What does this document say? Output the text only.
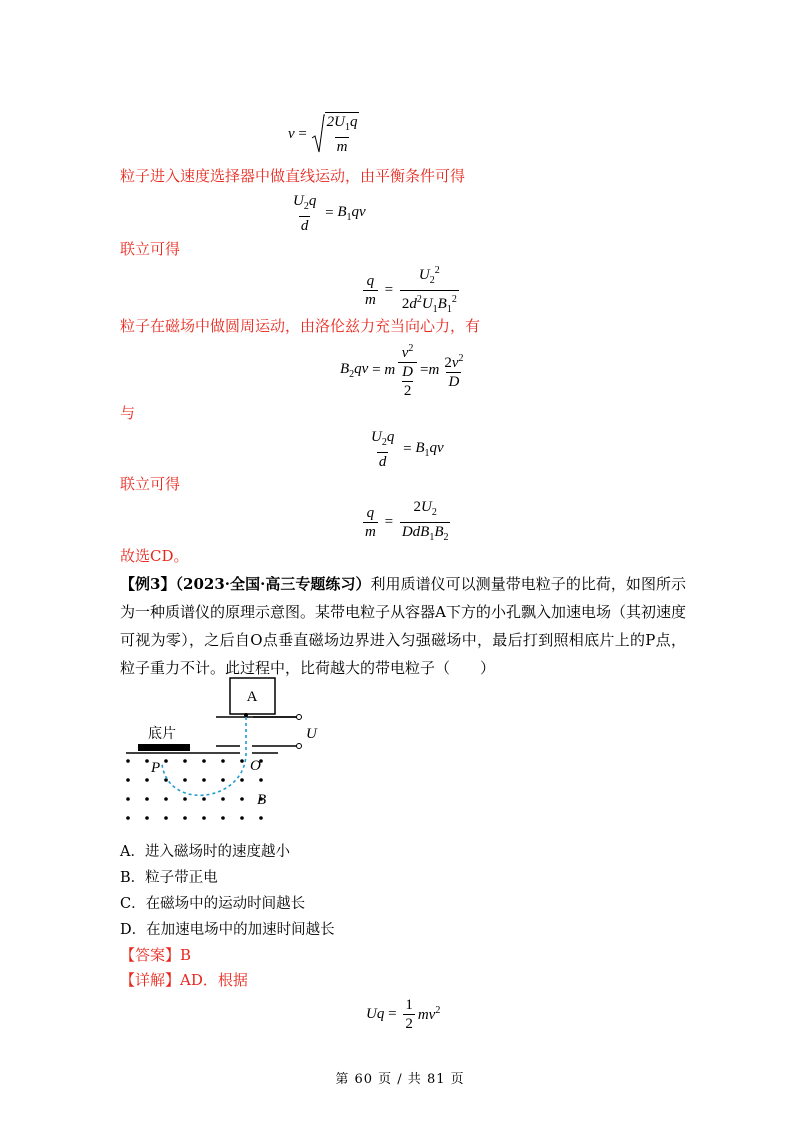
$v = \frac{2U_1q}{m}$
粒子进入速度选择器中做直线运动，由平衡条件可得
$\frac{U_2q}{d} = B_1qv$
联立可得
$\frac{q}{m} = \frac{U_2^2}{2d^2U_1B_1^2}$
粒子在磁场中做圆周运动，由洛伦兹力充当向心力，有
$B_2qv = m \frac{v^2}{\frac{D}{2}} = m \frac{2v^2}{D}$
与
$\frac{U_2q}{d} = B_1qv$
联立可得
$\frac{q}{m} = \frac{2U_2}{DdB_1B_2}$
故选CD。
【例3】（2023·全国·高三专题练习）利用质谱仪可以测量带电粒子的比荷，如图所示为一种质谱仪的原理示意图。某带电粒子从容器A下方的小孔飘入加速电场（其初速度可视为零），之后自O点垂直磁场边界进入匀强磁场中，最后打到照相底片上的P点，粒子重力不计。此过程中，比荷越大的带电粒子（　　）
A
U
底片
P	O
B
A．进入磁场时的速度越小
B．粒子带正电
C．在磁场中的运动时间越长
D．在加速电场中的加速时间越长
【答案】B
【详解】AD．根据
$Uq = \frac{1}{2} mv^2$
第 60 页 / 共 81 页
